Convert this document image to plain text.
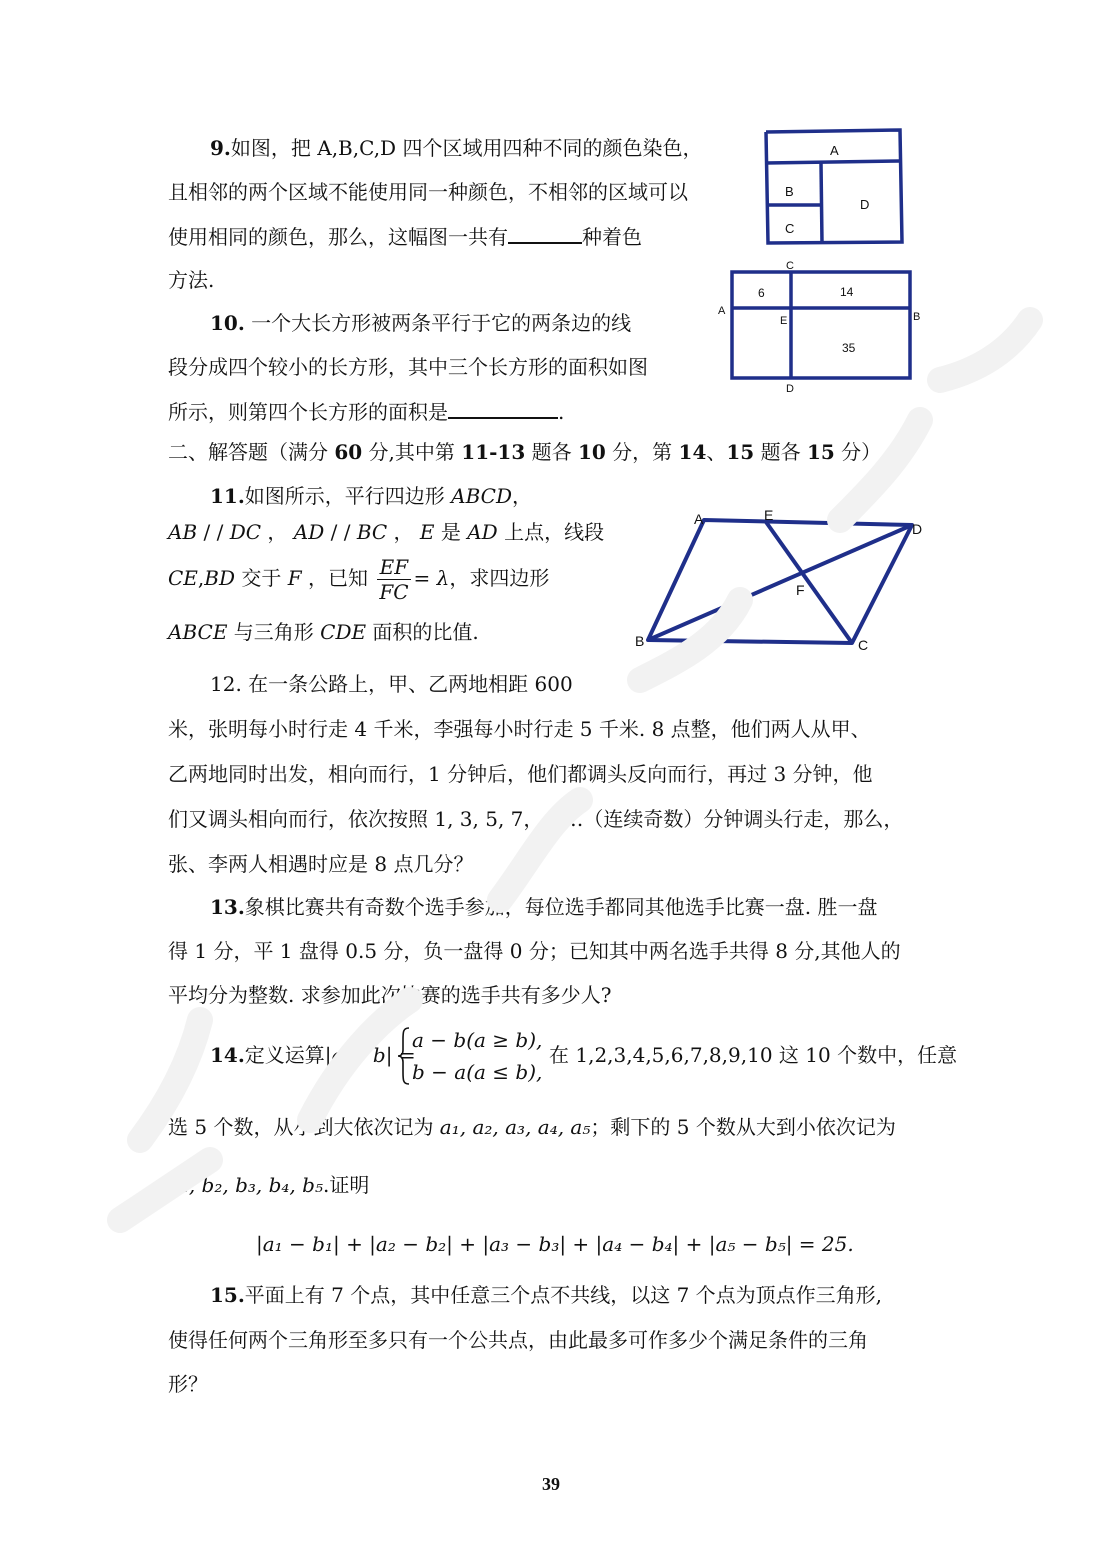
9.如图，把 A,B,C,D 四个区域用四种不同的颜色染色，
且相邻的两个区域不能使用同一种颜色，不相邻的区域可以
使用相同的颜色，那么，这幅图一共有	种着色
方法.
A
B
C
D
10. 一个大长方形被两条平行于它的两条边的线
段分成四个较小的长方形，其中三个长方形的面积如图
所示，则第四个长方形的面积是	.
6	14
35
A	B
C
D
E
二、解答题（满分 60 分,其中第 11-13 题各 10 分，第 14、15 题各 15 分）
11.如图所示，平行四边形 ABCD，
AB / / DC ， AD / / BC ， E 是 AD 上点，线段
CE,BD 交于 F ，已知 $\frac{EF}{FC} = \lambda$，求四边形
ABCE 与三角形 CDE 面积的比值.
A	E
D
F
B	C
12. 在一条公路上，甲、乙两地相距 600
米，张明每小时行走 4 千米，李强每小时行走 5 千米. 8 点整，他们两人从甲、
乙两地同时出发，相向而行，1 分钟后，他们都调头反向而行，再过 3 分钟，他
们又调头相向而行，依次按照 1, 3, 5, 7，……（连续奇数）分钟调头行走，那么，
张、李两人相遇时应是 8 点几分？
13.象棋比赛共有奇数个选手参加，每位选手都同其他选手比赛一盘. 胜一盘
得 1 分，平 1 盘得 0.5 分，负一盘得 0 分；已知其中两名选手共得 8 分,其他人的
平均分为整数. 求参加此次比赛的选手共有多少人?
14.定义运算|a − b| =
a − b(a ≥ b),
b − a(a ≤ b),
在 1,2,3,4,5,6,7,8,9,10 这 10 个数中，任意
选 5 个数，从小到大依次记为 a₁, a₂, a₃, a₄, a₅；剩下的 5 个数从大到小依次记为
b₁, b₂, b₃, b₄, b₅.证明
|a₁ − b₁| + |a₂ − b₂| + |a₃ − b₃| + |a₄ − b₄| + |a₅ − b₅| = 25.
15.平面上有 7 个点，其中任意三个点不共线，以这 7 个点为顶点作三角形,
使得任何两个三角形至多只有一个公共点，由此最多可作多少个满足条件的三角
形？
39
